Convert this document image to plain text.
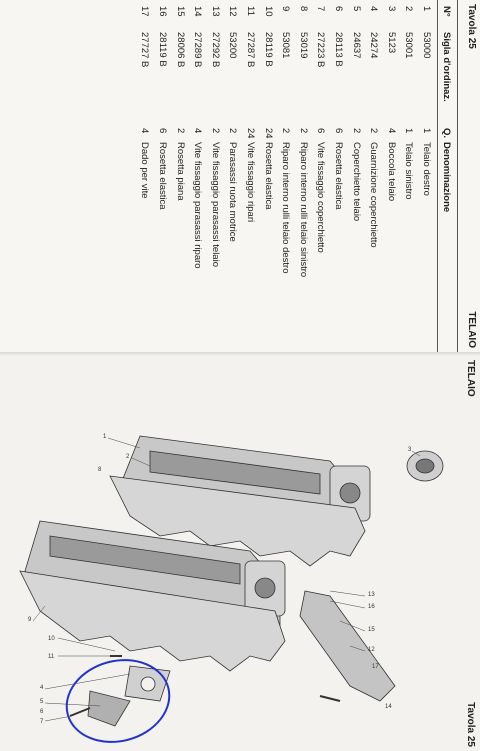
Tavola 25
TELAIO
N°
Sigla d'ordinaz.
Q.
Denominazione
1
53000
1
Telaio destro
2
53001
1
Telaio sinistro
3
5123
4
Boccola telaio
4
24274
2
Guarnizione coperchietto
5
24637
2
Coperchietto telaio
6
28113 B
6
Rosetta elastica
7
27223 B
6
Vite fissaggio coperchietto
8
53019
2
Riparo interno rulli telaio sinistro
9
53081
2
Riparo interno rulli telaio destro
10
28119 B
24
Rosetta elastica
11
27287 B
24
Vite fissaggio ripari
12
53200
2
Parasassi ruota motrice
13
27292 B
2
Vite fissaggio parasassi telaio
14
27289 B
4
Vite fissaggio parasassi riparo
15
28006 B
2
Rosetta piana
16
28119 B
6
Rosetta elastica
17
27727 B
4
Dado per vite
TELAIO
Tavola 25
1
2
3
4
5
6
7
8
9
10
11
12
13
14
15
16
17
